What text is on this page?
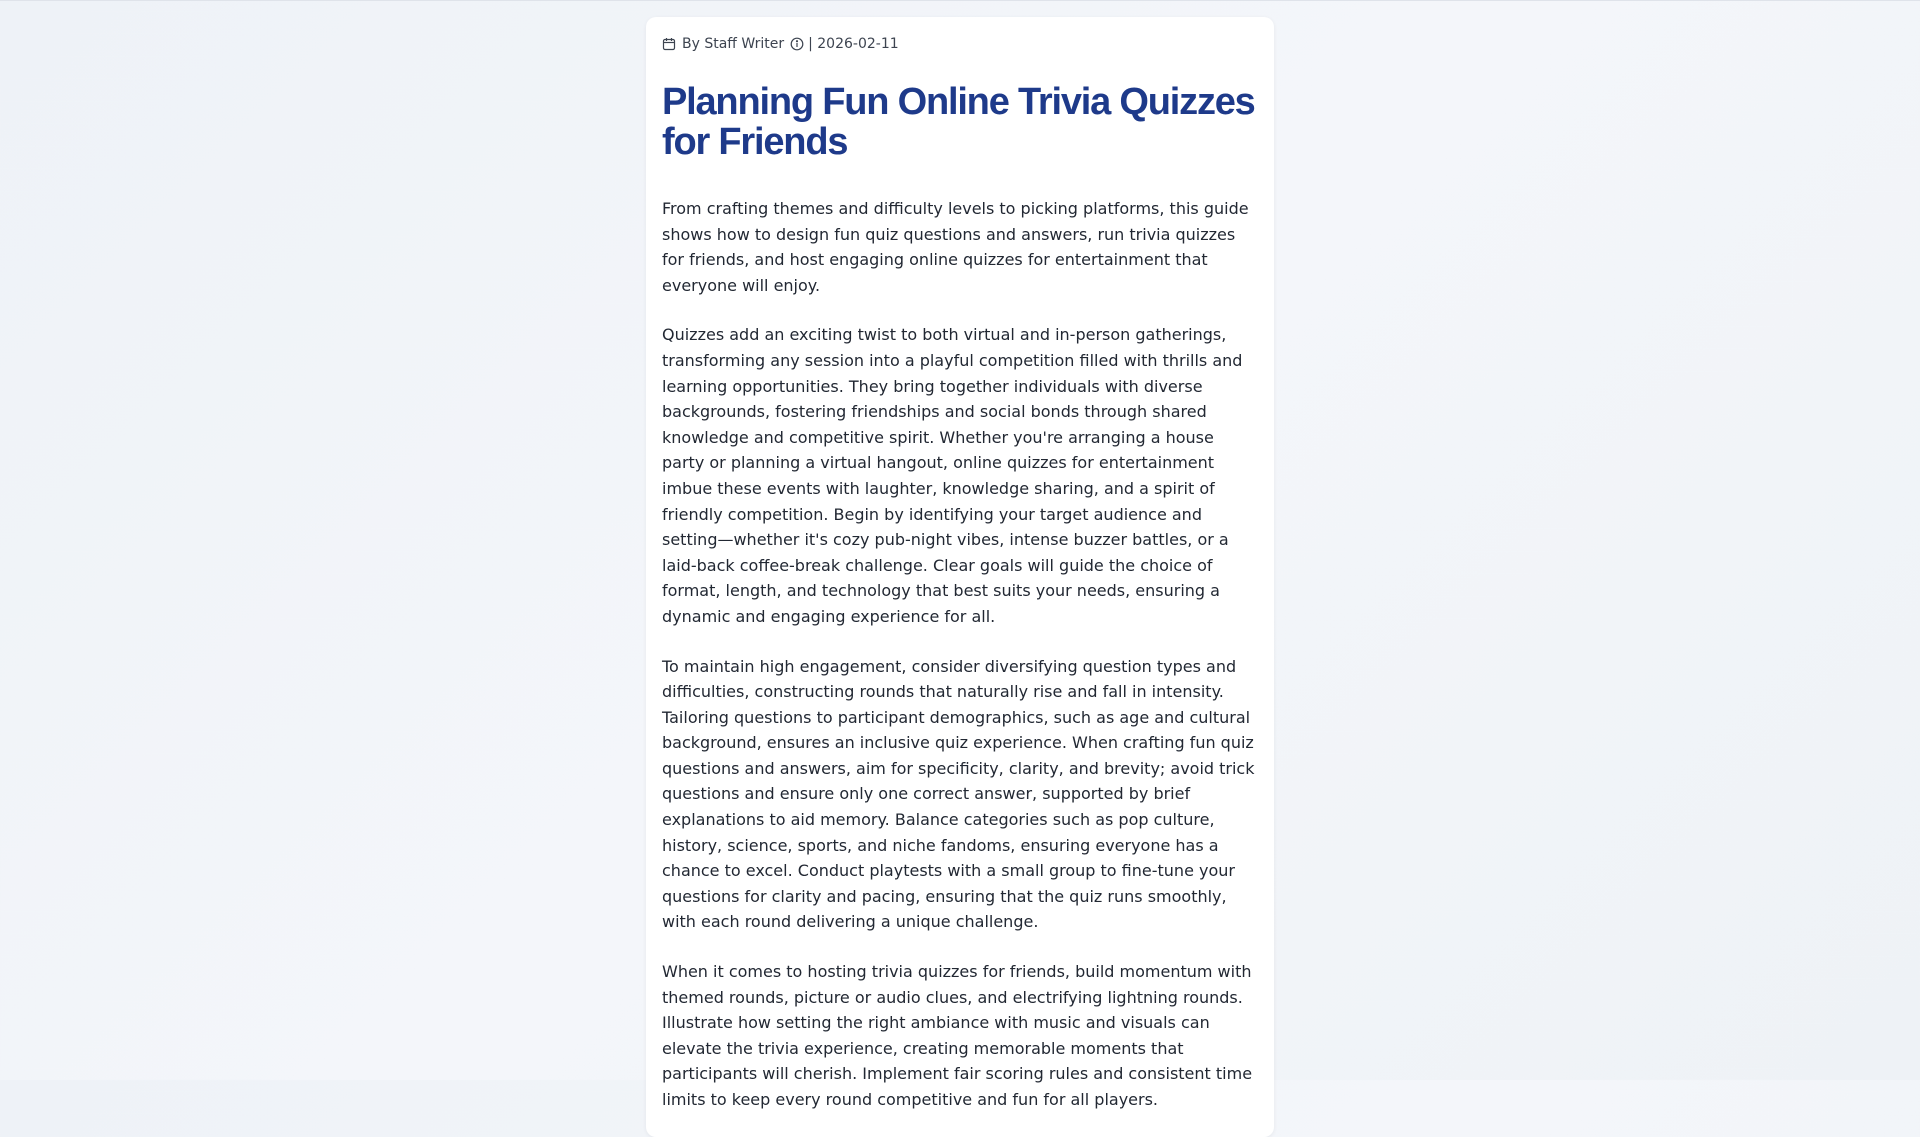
By Staff Writer | 2026-02-11
Planning Fun Online Trivia Quizzes for Friends

From crafting themes and difficulty levels to picking platforms, this guide shows how to design fun quiz questions and answers, run trivia quizzes for friends, and host engaging online quizzes for entertainment that everyone will enjoy.

Quizzes add an exciting twist to both virtual and in-person gatherings, transforming any session into a playful competition filled with thrills and learning opportunities. They bring together individuals with diverse backgrounds, fostering friendships and social bonds through shared knowledge and competitive spirit. Whether you're arranging a house party or planning a virtual hangout, online quizzes for entertainment imbue these events with laughter, knowledge sharing, and a spirit of friendly competition. Begin by identifying your target audience and setting—whether it's cozy pub-night vibes, intense buzzer battles, or a laid-back coffee-break challenge. Clear goals will guide the choice of format, length, and technology that best suits your needs, ensuring a dynamic and engaging experience for all.

To maintain high engagement, consider diversifying question types and difficulties, constructing rounds that naturally rise and fall in intensity. Tailoring questions to participant demographics, such as age and cultural background, ensures an inclusive quiz experience. When crafting fun quiz questions and answers, aim for specificity, clarity, and brevity; avoid trick questions and ensure only one correct answer, supported by brief explanations to aid memory. Balance categories such as pop culture, history, science, sports, and niche fandoms, ensuring everyone has a chance to excel. Conduct playtests with a small group to fine-tune your questions for clarity and pacing, ensuring that the quiz runs smoothly, with each round delivering a unique challenge.

When it comes to hosting trivia quizzes for friends, build momentum with themed rounds, picture or audio clues, and electrifying lightning rounds. Illustrate how setting the right ambiance with music and visuals can elevate the trivia experience, creating memorable moments that participants will cherish. Implement fair scoring rules and consistent time limits to keep every round competitive and fun for all players.
